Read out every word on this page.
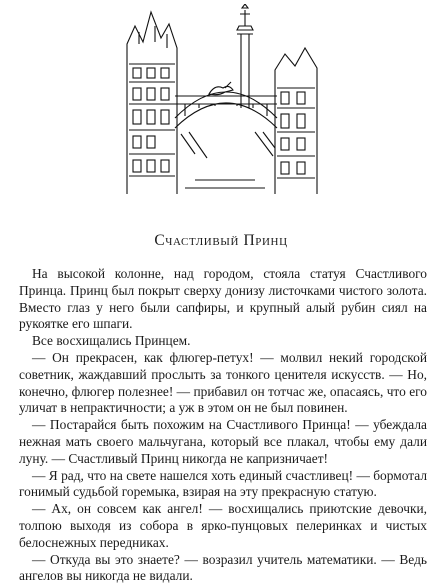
Счастливый Принц

На высокой колонне, над городом, стояла статуя Счастливого Принца. Принц был покрыт сверху донизу листочками чистого золота. Вместо глаз у него были сапфиры, и крупный алый рубин сиял на рукоятке его шпаги.

Все восхищались Принцем.

— Он прекрасен, как флюгер-петух! — молвил некий городской советник, жаждавший прослыть за тонкого ценителя искусств. — Но, конечно, флюгер полезнее! — прибавил он тотчас же, опасаясь, что его уличат в непрактичности; а уж в этом он не был повинен.

— Постарайся быть похожим на Счастливого Принца! — убеждала нежная мать своего мальчугана, который все плакал, чтобы ему дали луну. — Счастливый Принц никогда не капризничает!

— Я рад, что на свете нашелся хоть единый счастливец! — бормотал гонимый судьбой горемыка, взирая на эту прекрасную статую.

— Ах, он совсем как ангел! — восхищались приютские девочки, толпою выходя из собора в ярко-пунцовых пелеринках и чистых белоснежных передниках.

— Откуда вы это знаете? — возразил учитель математики. — Ведь ангелов вы никогда не видали.
